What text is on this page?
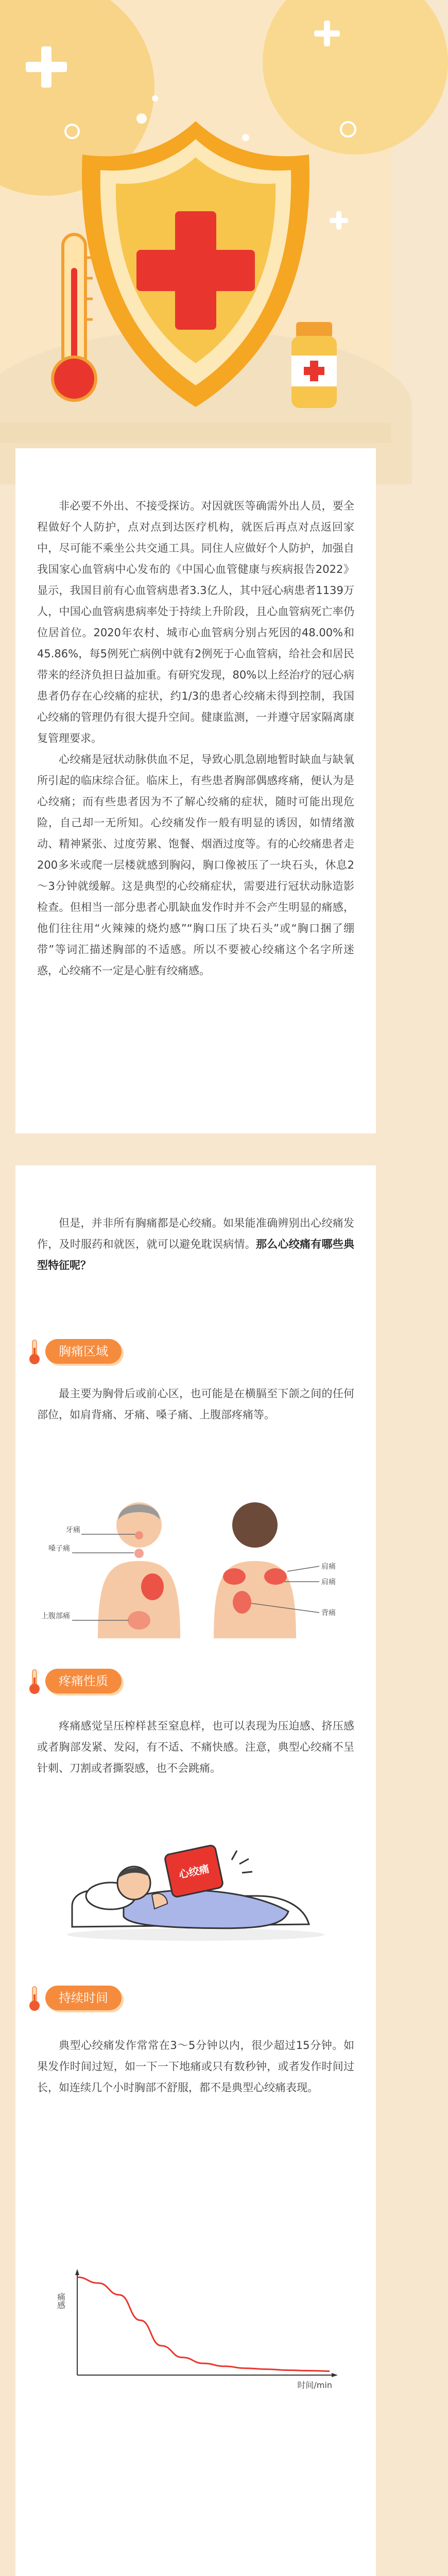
非必要不外出、不接受探访。对因就医等确需外出人员，要全程做好个人防护，点对点到达医疗机构，就医后再点对点返回家中，尽可能不乘坐公共交通工具。同住人应做好个人防护，加强自我国家心血管病中心发布的《中国心血管健康与疾病报告2022》显示，我国目前有心血管病患者3.3亿人，其中冠心病患者1139万人，中国心血管病患病率处于持续上升阶段，且心血管病死亡率仍位居首位。2020年农村、城市心血管病分别占死因的48.00%和45.86%，每5例死亡病例中就有2例死于心血管病，给社会和居民带来的经济负担日益加重。有研究发现，80%以上经治疗的冠心病患者仍存在心绞痛的症状，约1/3的患者心绞痛未得到控制，我国心绞痛的管理仍有很大提升空间。健康监测，一并遵守居家隔离康复管理要求。

心绞痛是冠状动脉供血不足，导致心肌急剧地暂时缺血与缺氧所引起的临床综合征。临床上，有些患者胸部偶感疼痛，便认为是心绞痛；而有些患者因为不了解心绞痛的症状，随时可能出现危险，自己却一无所知。心绞痛发作一般有明显的诱因，如情绪激动、精神紧张、过度劳累、饱餐、烟酒过度等。有的心绞痛患者走200多米或爬一层楼就感到胸闷，胸口像被压了一块石头，休息2～3分钟就缓解。这是典型的心绞痛症状，需要进行冠状动脉造影检查。但相当一部分患者心肌缺血发作时并不会产生明显的痛感，他们往往用“火辣辣的烧灼感”“胸口压了块石头”或“胸口捆了绷带”等词汇描述胸部的不适感。所以不要被心绞痛这个名字所迷惑，心绞痛不一定是心脏有绞痛感。

但是，并非所有胸痛都是心绞痛。如果能准确辨别出心绞痛发作，及时服药和就医，就可以避免耽误病情。那么心绞痛有哪些典型特征呢？

胸痛区域

最主要为胸骨后或前心区，也可能是在横膈至下颌之间的任何部位，如肩背痛、牙痛、嗓子痛、上腹部疼痛等。

牙痛
嗓子痛
上腹部痛
肩痛
肩痛
背痛
疼痛性质

疼痛感觉呈压榨样甚至窒息样，也可以表现为压迫感、挤压感或者胸部发紧、发闷，有不适、不痛快感。注意，典型心绞痛不呈针刺、刀割或者撕裂感，也不会跳痛。

心绞痛
持续时间

典型心绞痛发作常常在3～5分钟以内，很少超过15分钟。如果发作时间过短，如一下一下地痛或只有数秒钟，或者发作时间过长，如连续几个小时胸部不舒服，都不是典型心绞痛表现。

痛感
时间/min
